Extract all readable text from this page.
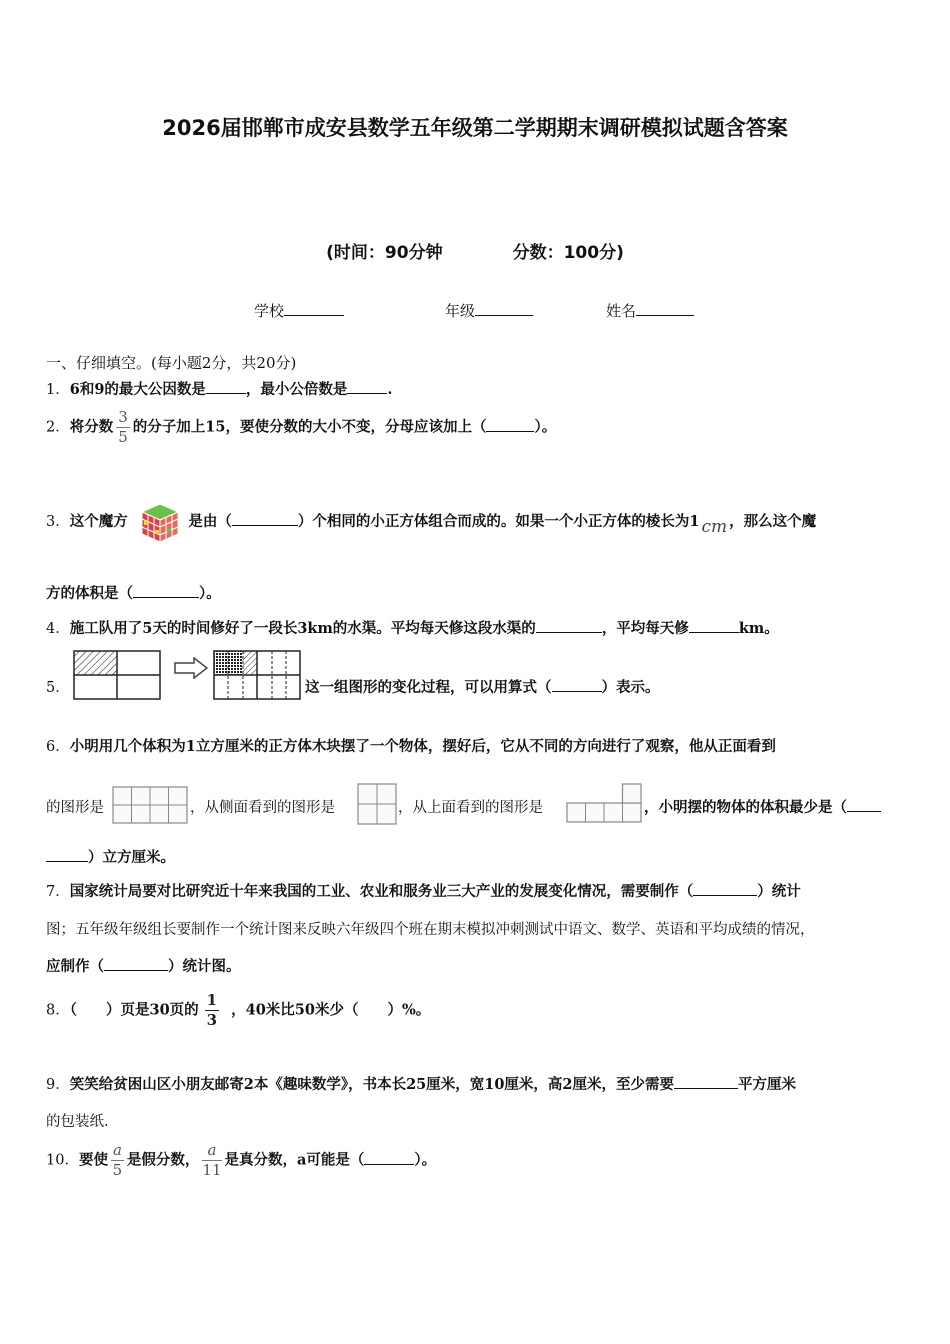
2026届邯郸市成安县数学五年级第二学期期末调研模拟试题含答案
(时间：90分钟	分数：100分)
学校	年级	姓名
一、仔细填空。(每小题2分，共20分)
1．6和9的最大公因数是	，最小公倍数是	.
2．将分数 $\frac{3}{5}$ 的分子加上15，要使分数的大小不变，分母应该加上（	）。
3．这个魔方	是由（	）个相同的小正方体组合而成的。如果一个小正方体的棱长为1 cm ，那么这个魔
方的体积是（	）。
4．施工队用了5天的时间修好了一段长3km的水渠。平均每天修这段水渠的	，平均每天修	km。
5．	这一组图形的变化过程，可以用算式（	）表示。
6．小明用几个体积为1立方厘米的正方体木块摆了一个物体，摆好后，它从不同的方向进行了观察，他从正面看到
的图形是	，从侧面看到的图形是	，从上面看到的图形是	，小明摆的物体的体积最少是（
）立方厘米。
7．国家统计局要对比研究近十年来我国的工业、农业和服务业三大产业的发展变化情况，需要制作（	）统计
图；五年级年级组长要制作一个统计图来反映六年级四个班在期末模拟冲刺测试中语文、数学、英语和平均成绩的情况，
应制作（	）统计图。
8．（　　）页是30页的 $\frac{1}{3}$ ，40米比50米少（　　）%。
9．笑笑给贫困山区小朋友邮寄2本《趣味数学》，书本长25厘米，宽10厘米，高2厘米，至少需要	平方厘米
的包装纸.
10．要使 $\frac{a}{5}$ 是假分数， $\frac{a}{11}$ 是真分数，a可能是（	）。
